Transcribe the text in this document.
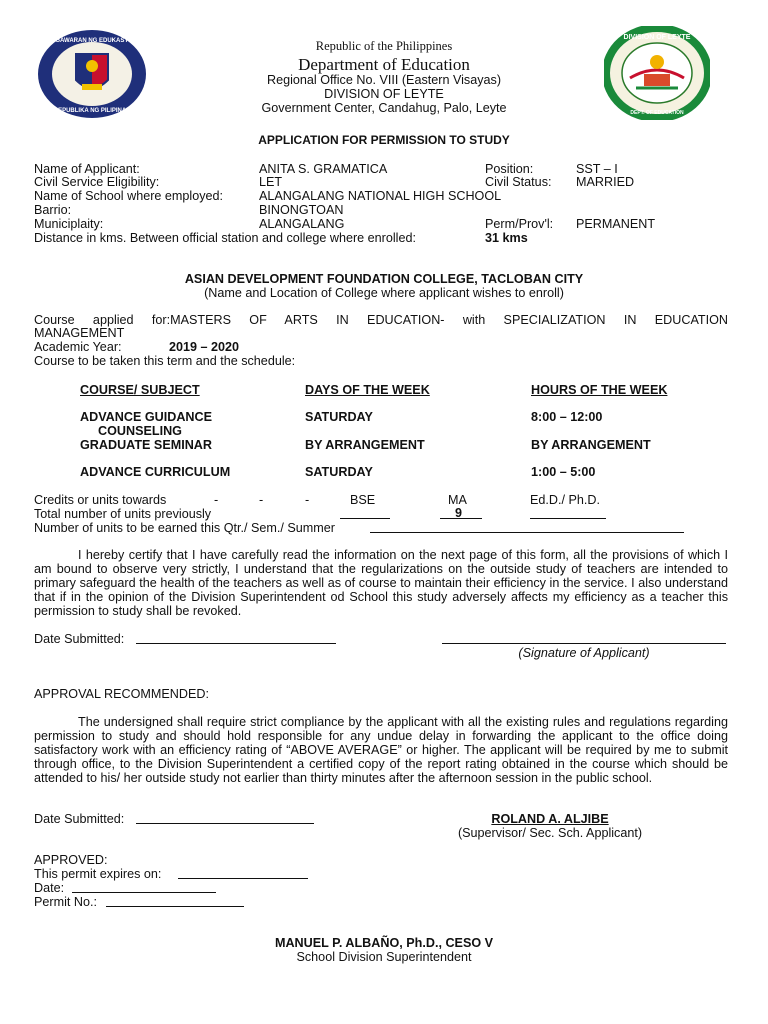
KAGAWARAN NG EDUKASYON
REPUBLIKA NG PILIPINAS
DIVISION OF LEYTE
DEPT. OF EDUCATION
Republic of the Philippines
Department of Education
Regional Office No. VIII (Eastern Visayas)
DIVISION OF LEYTE
Government Center, Candahug, Palo, Leyte
APPLICATION FOR PERMISSION TO STUDY
Name of Applicant:	ANITA S. GRAMATICA	Position:	SST – I
Civil Service Eligibility:	LET	Civil Status: MARRIED
Name of School where employed:	ALANGALANG NATIONAL HIGH SCHOOL
Barrio:	BINONGTOAN
Municiplaity:	ALANGALANG	Perm/Prov'l: PERMANENT
Distance in kms. Between official station and college where enrolled:	31 kms
ASIAN DEVELOPMENT FOUNDATION COLLEGE, TACLOBAN CITY
(Name and Location of College where applicant wishes to enroll)
Course applied for:MASTERS OF ARTS IN EDUCATION- with SPECIALIZATION IN EDUCATION
MANAGEMENT
Academic Year:	2019 – 2020
Course to be taken this term and the schedule:
COURSE/ SUBJECT	DAYS OF THE WEEK	HOURS OF THE WEEK
ADVANCE GUIDANCE
COUNSELING
SATURDAY	8:00 – 12:00
GRADUATE SEMINAR	BY ARRANGEMENT	BY ARRANGEMENT
ADVANCE CURRICULUM	SATURDAY	1:00 – 5:00
Credits or units towards	-	-	-	BSE	MA	Ed.D./ Ph.D.
Total number of units previously	9
Number of units to be earned this Qtr./ Sem./ Summer
I hereby certify that I have carefully read the information on the next page of this form, all the provisions of which I am bound to observe very strictly, I understand that the regularizations on the outside study of teachers are intended to primary safeguard the health of the teachers as well as of course to maintain their efficiency in the service. I also understand that if in the opinion of the Division Superintendent od School this study adversely affects my efficiency as a teacher this permission to study shall be revoked.
Date Submitted:
(Signature of Applicant)
APPROVAL RECOMMENDED:
The undersigned shall require strict compliance by the applicant with all the existing rules and regulations regarding permission to study and should hold responsible for any undue delay in forwarding the applicant to the office doing satisfactory work with an efficiency rating of “ABOVE AVERAGE” or higher. The applicant will be required by me to submit through office, to the Division Superintendent a certified copy of the report rating obtained in the course which should be attended to his/ her outside study not earlier than thirty minutes after the afternoon session in the public school.
Date Submitted:	ROLAND A. ALJIBE
(Supervisor/ Sec. Sch. Applicant)
APPROVED:
This permit expires on:
Date:
Permit No.:
MANUEL P. ALBAÑO, Ph.D., CESO V
School Division Superintendent
